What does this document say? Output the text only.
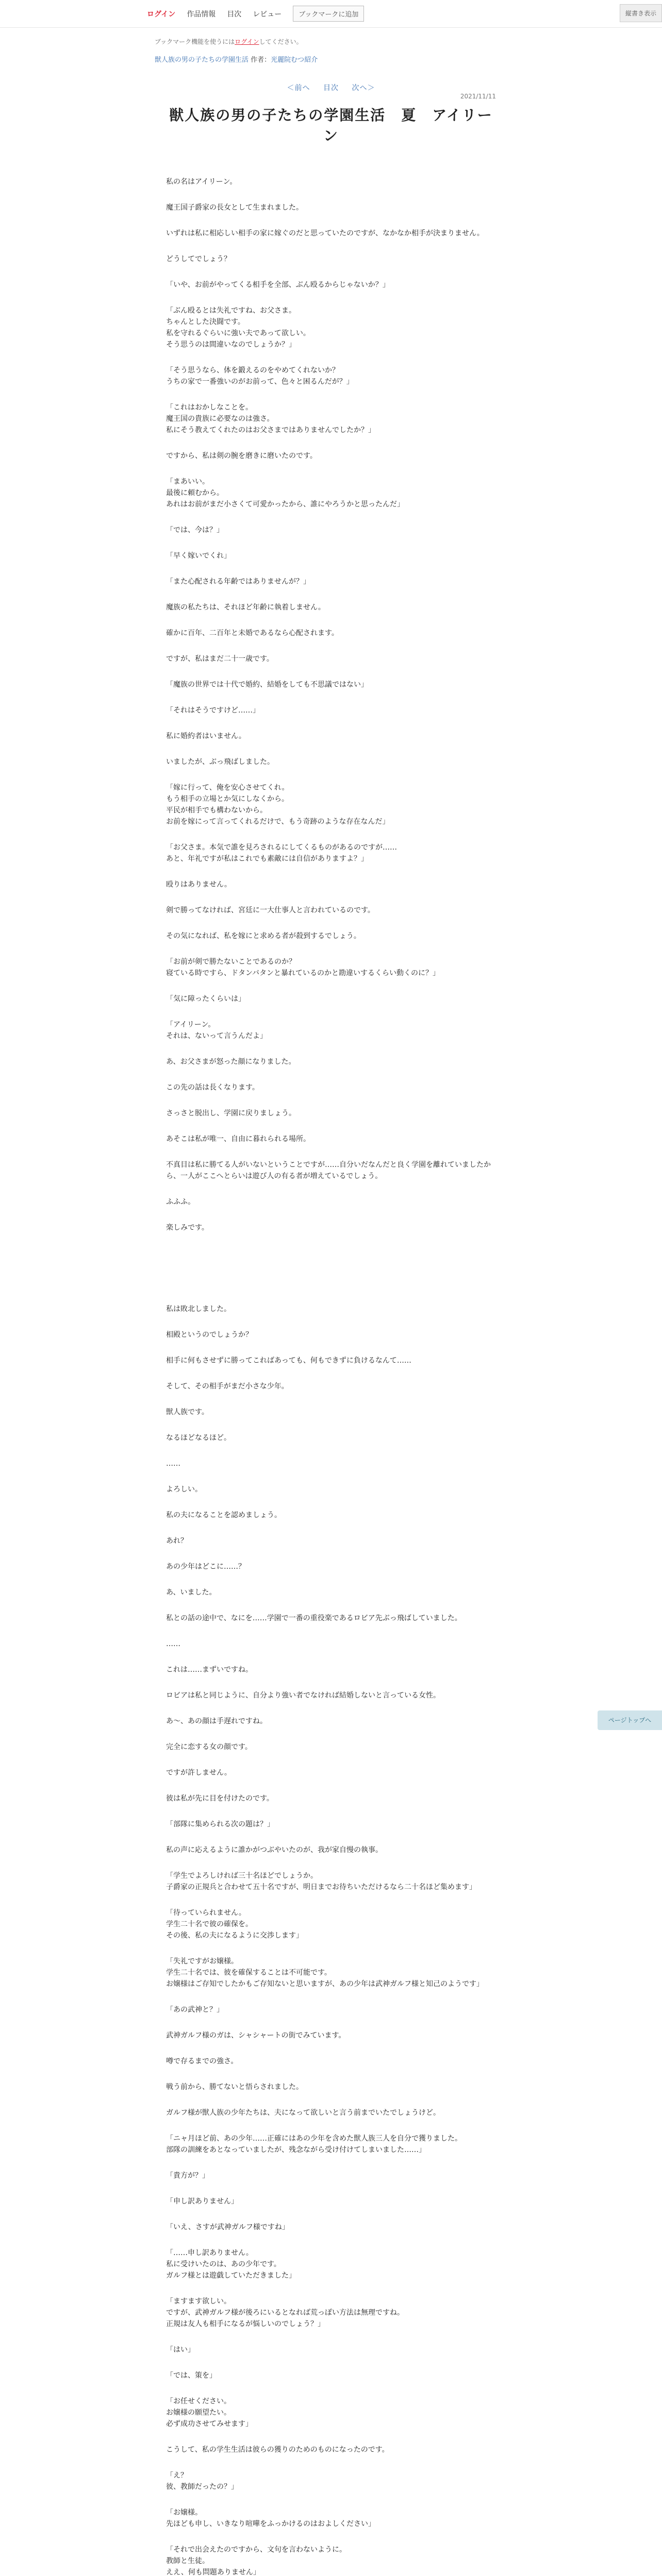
ログイン 作品情報 目次 レビュー	ブックマークに追加	縦書き表示
ブックマーク機能を使うにはログインしてください。
獣人族の男の子たちの学園生活 作者：光麗院むつ紹介
＜前へ 目次 次へ＞
2021/11/11
獣人族の男の子たちの学園生活　夏　アイリーン

私の名はアイリーン。

魔王国子爵家の長女として生まれました。

いずれは私に相応しい相手の家に嫁ぐのだと思っていたのですが、なかなか相手が決まりません。

どうしてでしょう？

「いや、お前がやってくる相手を全部、ぶん殴るからじゃないか？」

「ぶん殴るとは失礼ですね、お父さま。
ちゃんとした決闘です。
私を守れるぐらいに強い夫であって欲しい。
そう思うのは間違いなのでしょうか？」

「そう思うなら、体を鍛えるのをやめてくれないか？
うちの家で一番強いのがお前って、色々と困るんだが？」

「これはおかしなことを。
魔王国の貴族に必要なのは強さ。
私にそう教えてくれたのはお父さまではありませんでしたか？」

ですから、私は剣の腕を磨きに磨いたのです。

「まあいい。
最後に頼むから。
あれはお前がまだ小さくて可愛かったから、誰にやろうかと思ったんだ」

「では、今は？」

「早く嫁いでくれ」

「また心配される年齢ではありませんが？」

魔族の私たちは、それほど年齢に執着しません。

確かに百年、二百年と未婚であるなら心配されます。

ですが、私はまだ二十一歳です。

「魔族の世界では十代で婚約、結婚をしても不思議ではない」

「それはそうですけど……」

私に婚約者はいません。

いましたが、ぶっ飛ばしました。

「嫁に行って、俺を安心させてくれ。
もう相手の立場とか気にしなくから。
平民が相手でも構わないから。
お前を嫁にって言ってくれるだけで、もう奇跡のような存在なんだ」

「お父さま。本気で誰を見ろされるにしてくるものがあるのですが……
あと、年礼ですが私はこれでも素敵には自信がありますよ？」

殴りはありません。

剣で勝ってなければ、宮廷に一大仕事人と言われているのです。

その気になれば、私を嫁にと求める者が殺到するでしょう。

「お前が剣で勝たないことであるのか？
寝ている時ですら、ドタンバタンと暴れているのかと勘違いするくらい動くのに？」

「気に障ったくらいは」

「アイリーン。
それは、ないって言うんだよ」

あ、お父さまが怒った顔になりました。

この先の話は長くなります。

さっさと脱出し、学園に戻りましょう。

あそこは私が唯一、自由に暮れられる場所。

不真目は私に勝てる人がいないということですが……自分いだなんだと良く学園を離れていましたから、一人がここへとらいは遊び人の有る者が増えているでしょう。

ふふふ。

楽しみです。

私は敗北しました。

相殿というのでしょうか？

相手に何もさせずに勝ってこればあっても、何もできずに負けるなんて……

そして、その相手がまだ小さな少年。

獣人族です。

なるほどなるほど。

……

よろしい。

私の夫になることを認めましょう。

あれ？

あの少年はどこに……？

あ、いました。

私との話の途中で、なにを……学園で一番の重役楽であるロビア先ぶっ飛ばしていました。

……

これは……まずいですね。

ロビアは私と同じように、自分より強い者でなければ結婚しないと言っている女性。

あ〜、あの顔は手遅れですね。

完全に恋する女の顔です。

ですが許しません。

彼は私が先に目を付けたのです。

「部隊に集められる次の題は？」

私の声に応えるように誰かがつぶやいたのが、我が家自慢の執事。

「学生でよろしければ三十名ほどでしょうか。
子爵家の正規兵と合わせて五十名ですが、明日までお待ちいただけるなら二十名ほど集めます」

「待っていられません。
学生二十名で彼の確保を。
その後、私の夫になるように交渉します」

「失礼ですがお嬢様。
学生二十名では、彼を確保することは不可能です。
お嬢様はご存知でしたかもご存知ないと思いますが、あの少年は武神ガルフ様と知己のようです」

「あの武神と？」

武神ガルフ様のガは、シャシャートの街でみています。

噂で存るまでの強さ。

戦う前から、勝てないと悟らされました。

ガルフ様が獣人族の少年たちは、夫になって欲しいと言う前までいたでしょうけど。

「ニャ月ほど前、あの少年……正確にはあの少年を含めた獣人族三人を自分で獲りました。
部隊の訓練をあとなっていましたが、残念ながら受け付けてしまいました……」

「貴方が？」

「申し訳ありません」

「いえ、さすが武神ガルフ様ですね」

「……申し訳ありません。
私に受けいたのは、あの少年です。
ガルフ様とは遊戯していただきました」

「ますます欲しい。
ですが、武神ガルフ様が後ろにいるとなれば荒っぽい方法は無理ですね。
正規は友人も相手になるが悩しいのでしょう？」

「はい」

「では、策を」

「お任せください。
お嬢様の願望たい。
必ず成功させてみせます」

こうして、私の学生生活は彼らの獲りのためのものになったのです。

「え？
彼、教師だったの？」

「お嬢様。
先ほども申し、いきなり喧嘩をふっかけるのはおよしください」

「それで出会えたのですから、文句を言わないように。
教師と生徒。
ええ、何も問題ありません」

ページトップへ
